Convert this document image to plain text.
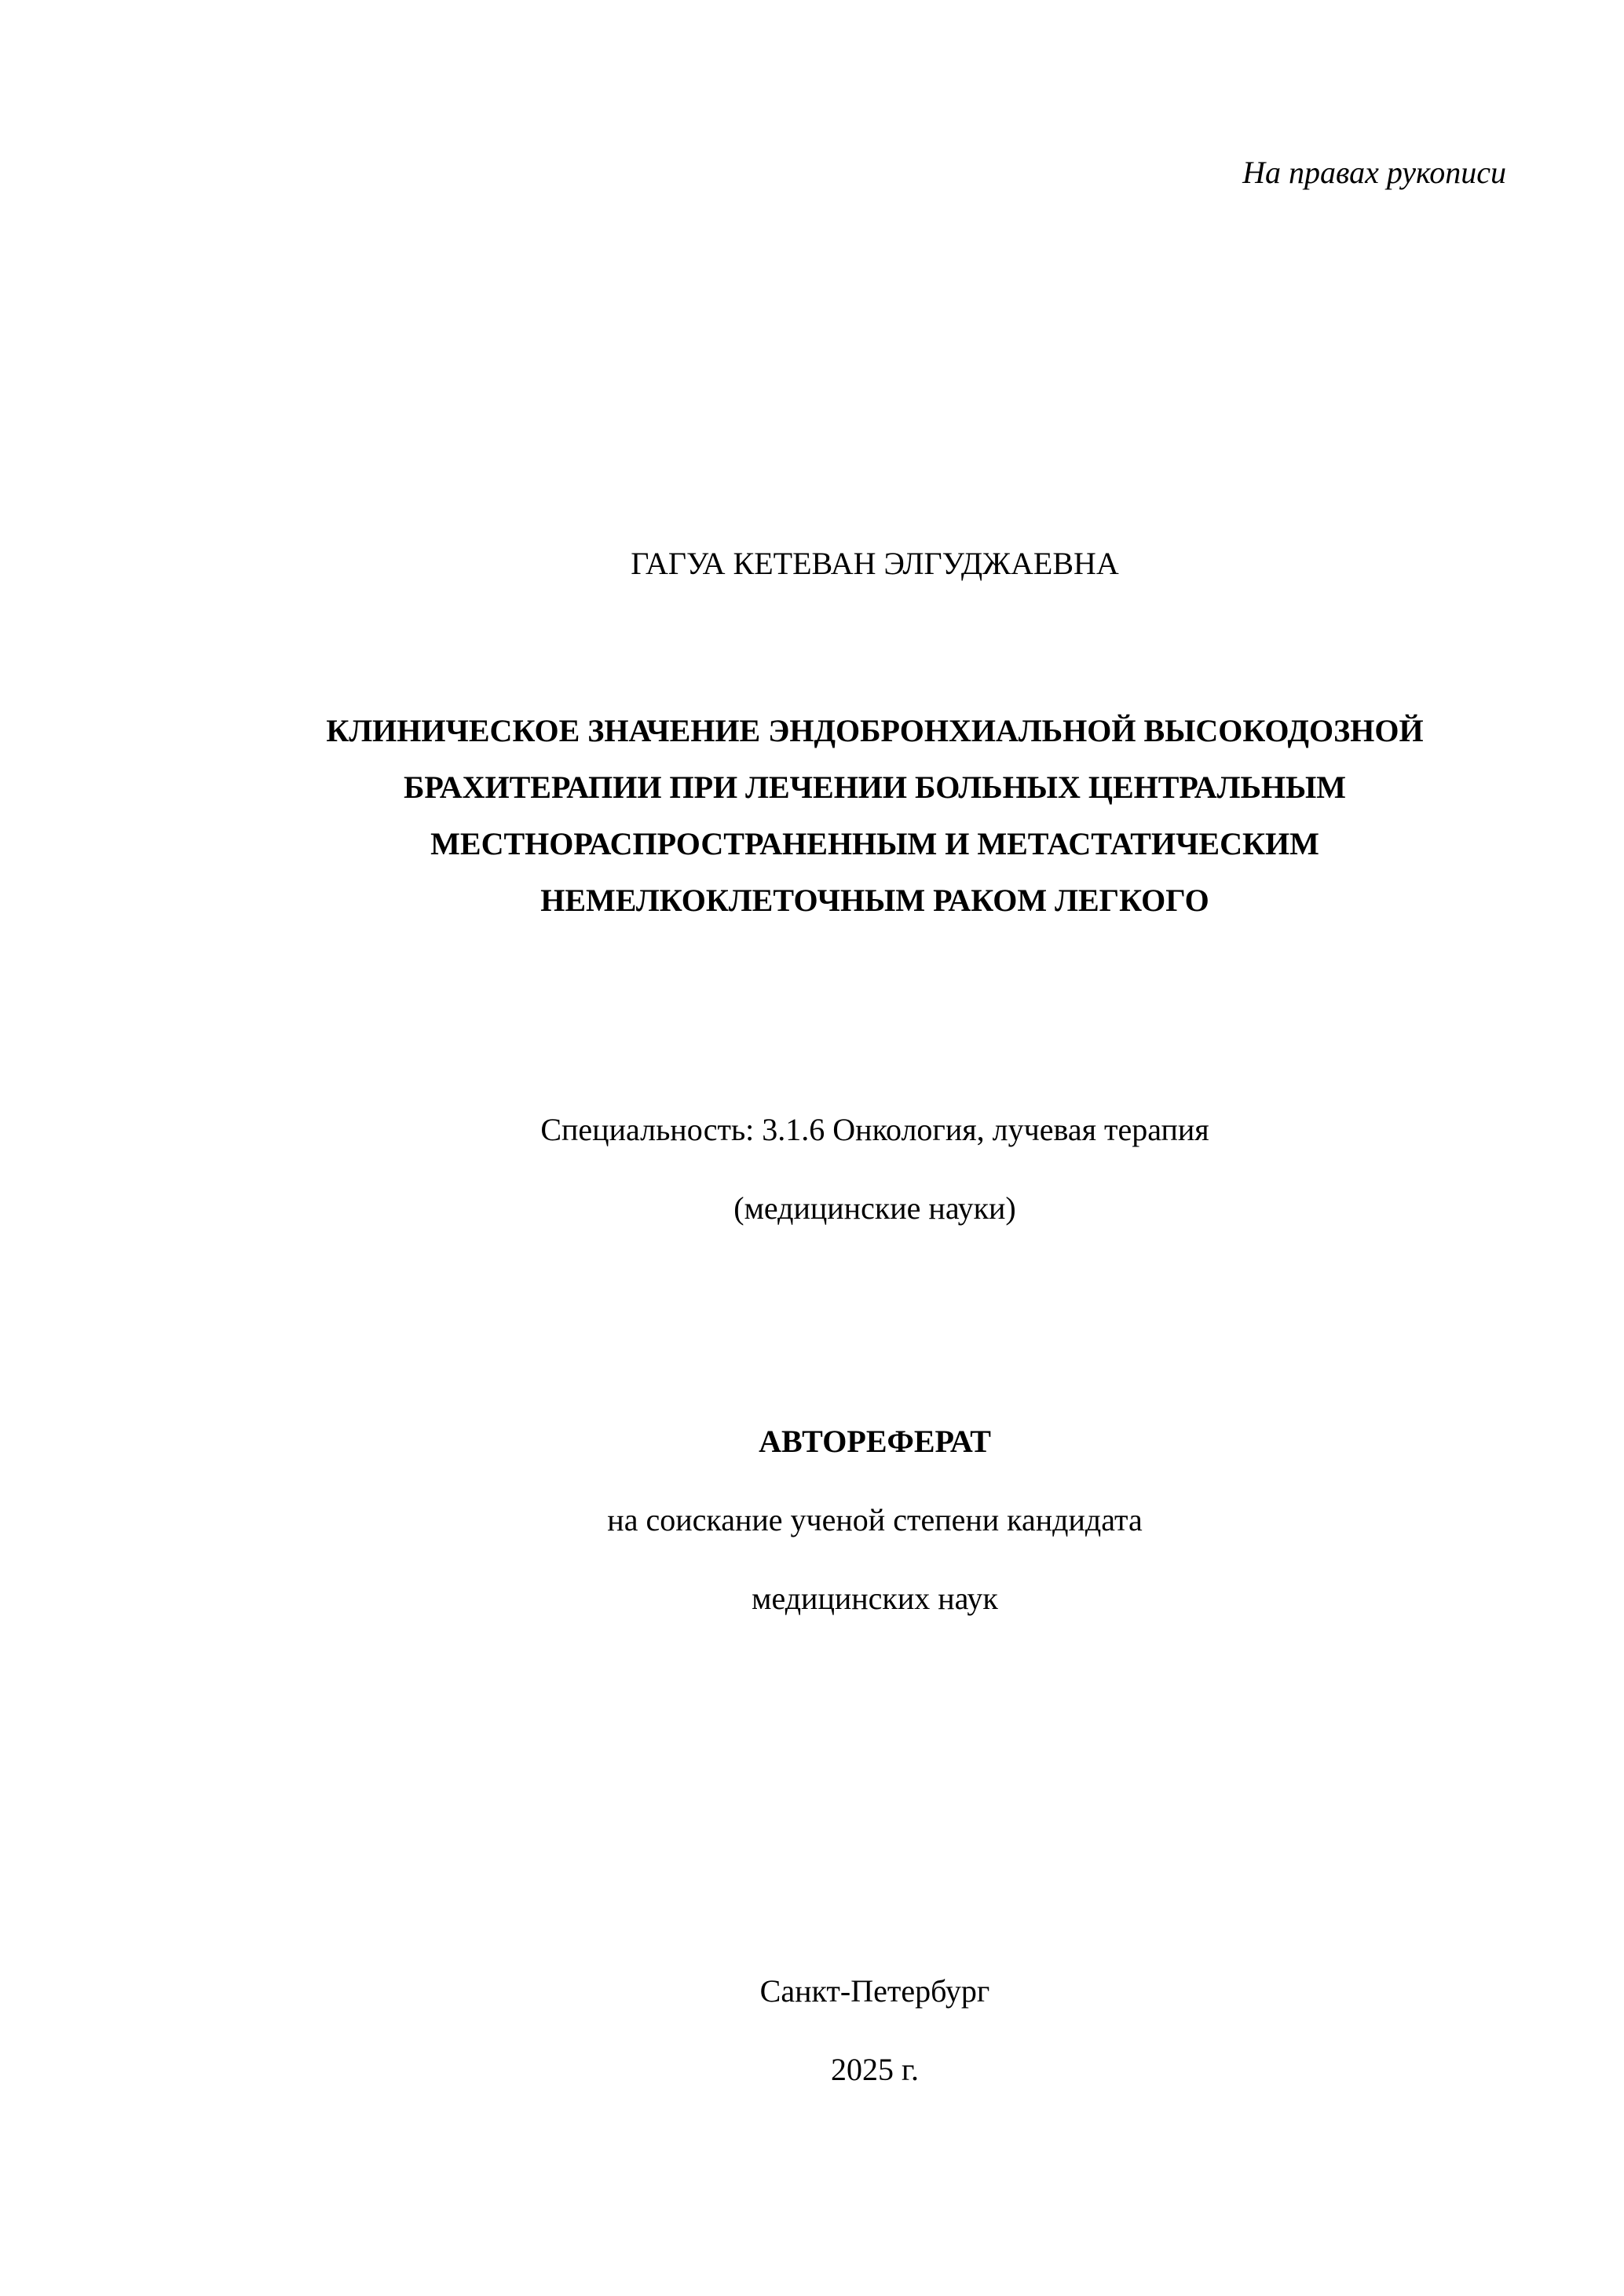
На правах рукописи
ГАГУА КЕТЕВАН ЭЛГУДЖАЕВНА
КЛИНИЧЕСКОЕ ЗНАЧЕНИЕ ЭНДОБРОНХИАЛЬНОЙ ВЫСОКОДОЗНОЙ
БРАХИТЕРАПИИ ПРИ ЛЕЧЕНИИ БОЛЬНЫХ ЦЕНТРАЛЬНЫМ
МЕСТНОРАСПРОСТРАНЕННЫМ И МЕТАСТАТИЧЕСКИМ
НЕМЕЛКОКЛЕТОЧНЫМ РАКОМ ЛЕГКОГО
Специальность: 3.1.6 Онкология, лучевая терапия
(медицинские науки)
АВТОРЕФЕРАТ
на соискание ученой степени кандидата
медицинских наук
Санкт-Петербург
2025 г.
